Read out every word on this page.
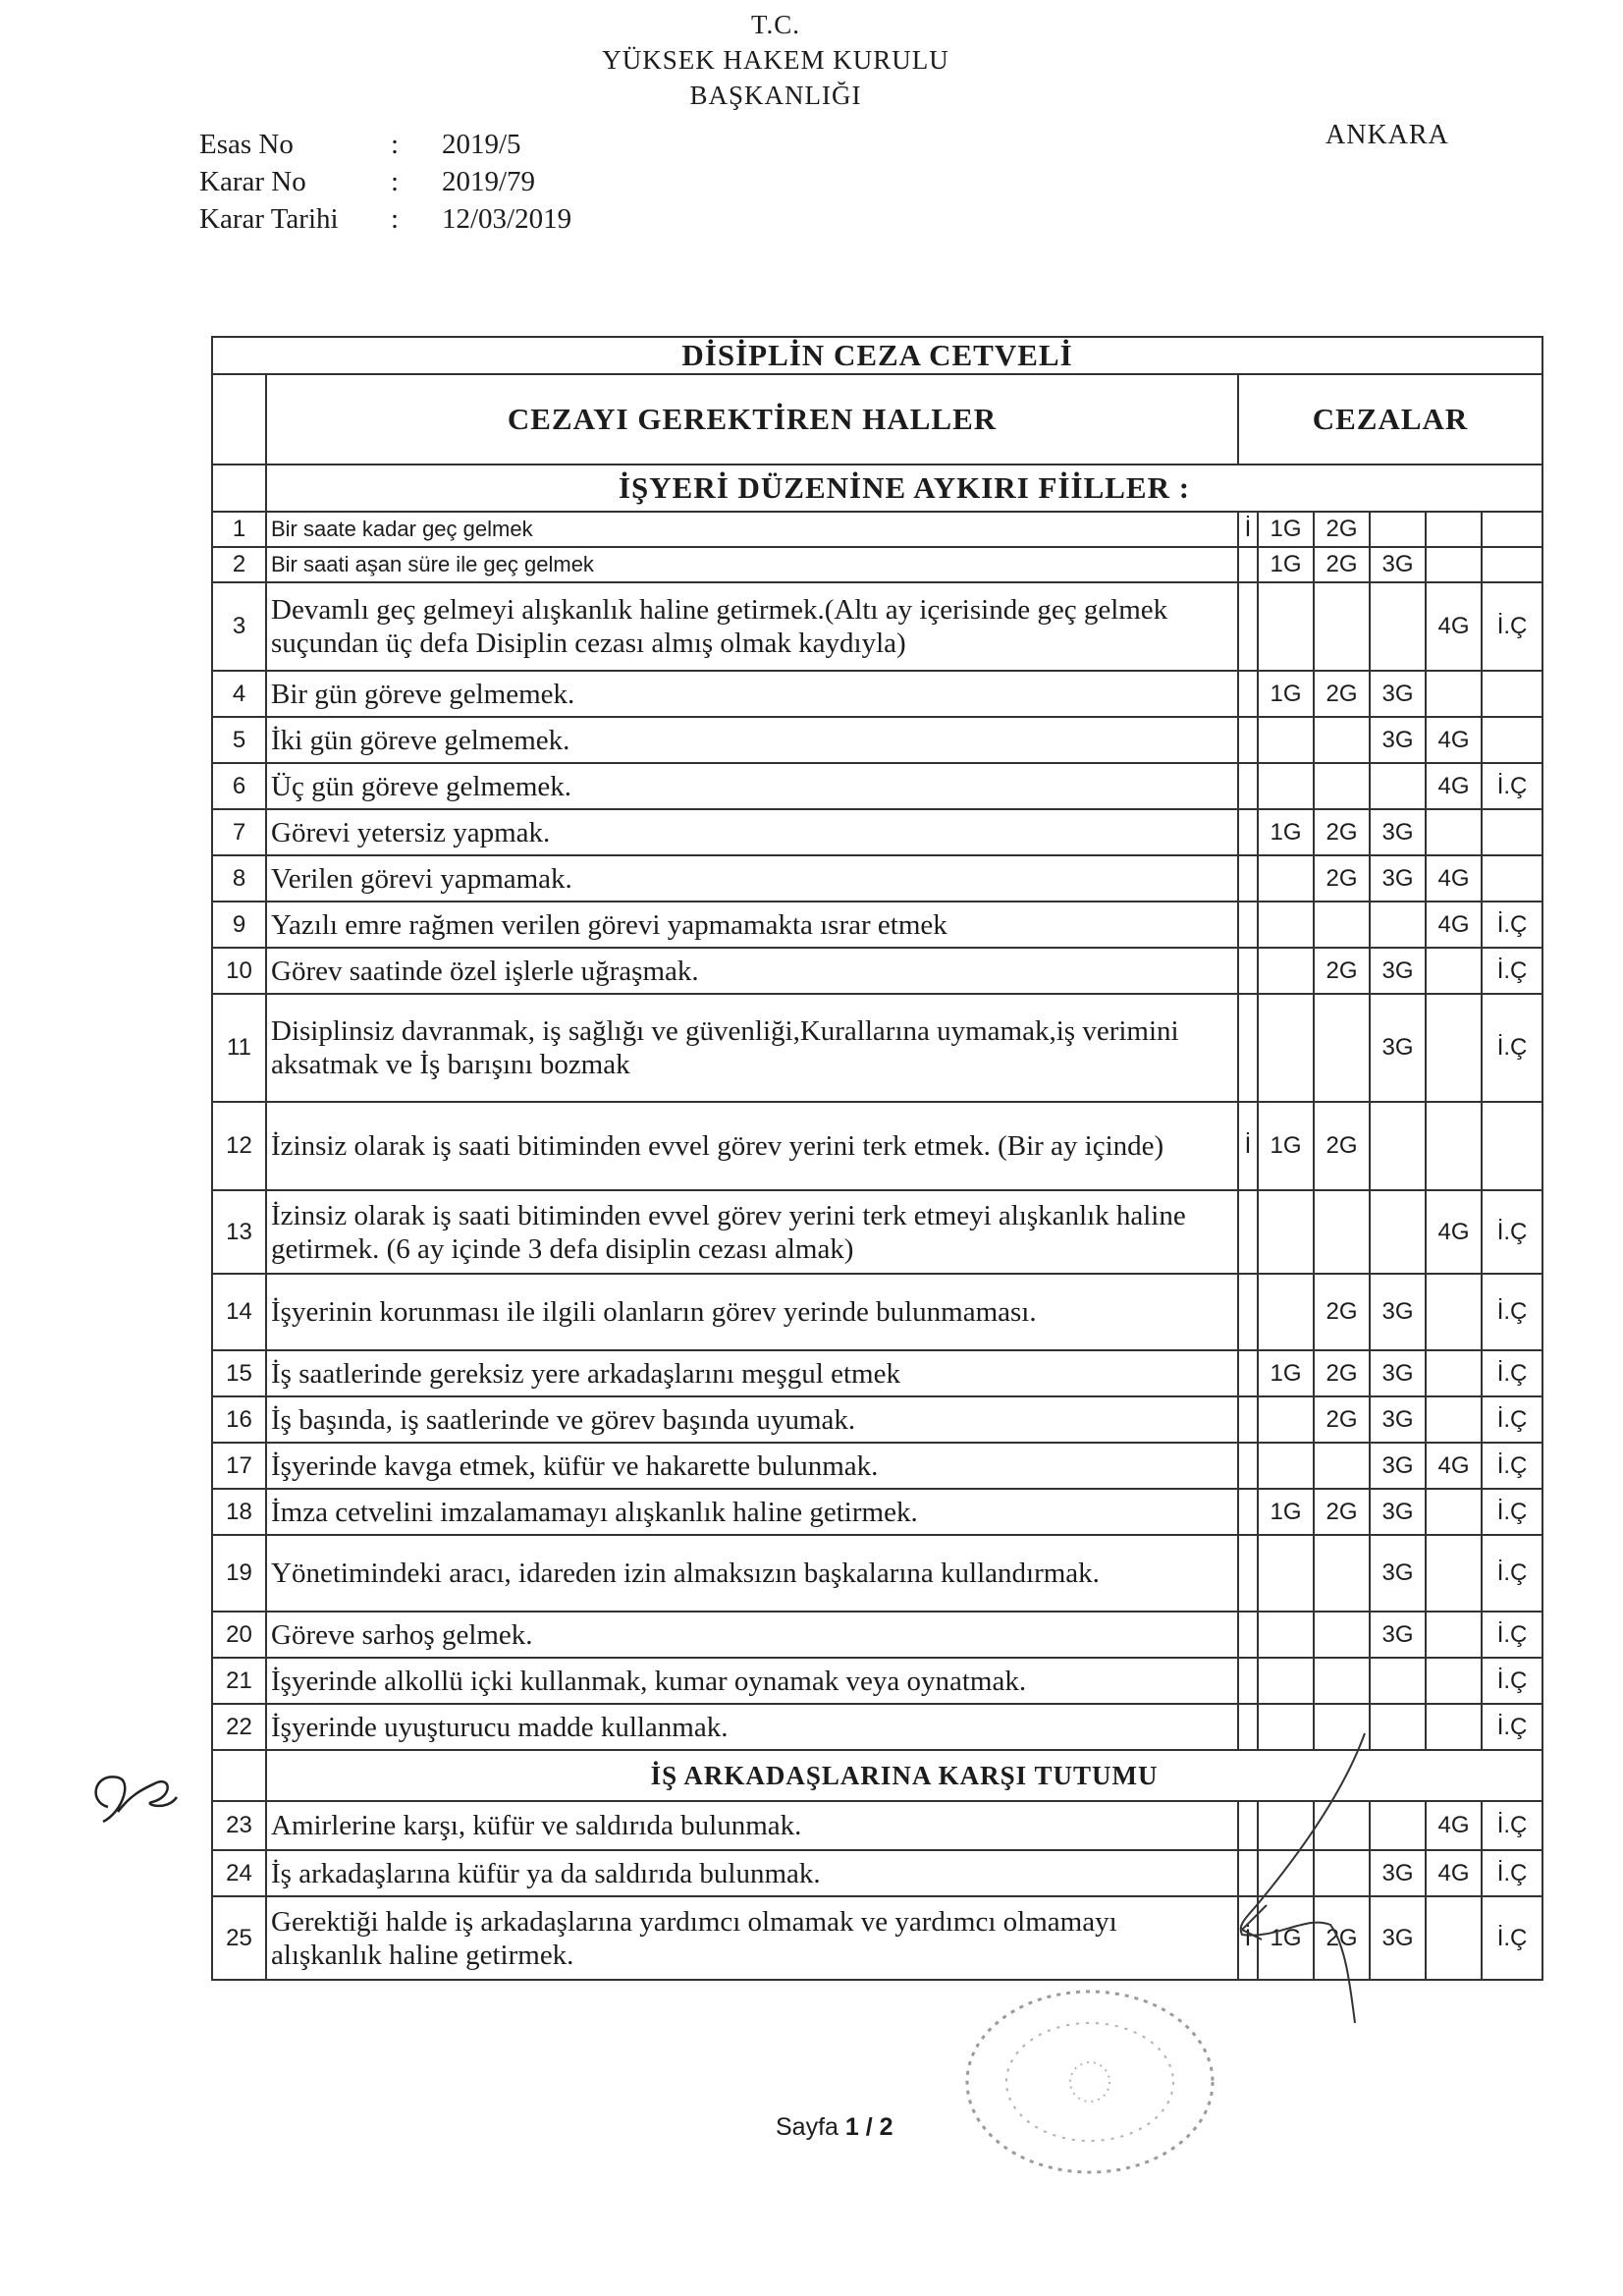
T.C.
YÜKSEK HAKEM KURULU
BAŞKANLIĞI
ANKARA
Esas No	:	2019/5
Karar No	:	2019/79
Karar Tarihi	:	12/03/2019
DİSİPLİN CEZA CETVELİ							
	CEZAYI GEREKTİREN HALLER	CEZALAR					
	İŞYERİ DÜZENİNE AYKIRI FİİLLER :						
1	Bir saate kadar geç gelmek	İ	1G	2G			
2	Bir saati aşan süre ile geç gelmek		1G	2G	3G		
3	Devamlı geç gelmeyi alışkanlık haline getirmek.(Altı ay içerisinde geç gelmek suçundan üç defa Disiplin cezası almış olmak kaydıyla)					4G	İ.Ç
4	Bir gün göreve gelmemek.		1G	2G	3G		
5	İki gün göreve gelmemek.				3G	4G	
6	Üç gün göreve gelmemek.					4G	İ.Ç
7	Görevi yetersiz yapmak.		1G	2G	3G		
8	Verilen görevi yapmamak.			2G	3G	4G	
9	Yazılı emre rağmen verilen görevi yapmamakta ısrar etmek					4G	İ.Ç
10	Görev saatinde özel işlerle uğraşmak.			2G	3G		İ.Ç
11	Disiplinsiz davranmak, iş sağlığı ve güvenliği,Kurallarına uymamak,iş verimini aksatmak ve İş barışını bozmak				3G		İ.Ç
12	İzinsiz olarak iş saati bitiminden evvel görev yerini terk etmek. (Bir ay içinde)	İ	1G	2G			
13	İzinsiz olarak iş saati bitiminden evvel görev yerini terk etmeyi alışkanlık haline getirmek. (6 ay içinde 3 defa disiplin cezası almak)					4G	İ.Ç
14	İşyerinin korunması ile ilgili olanların görev yerinde bulunmaması.			2G	3G		İ.Ç
15	İş saatlerinde gereksiz yere arkadaşlarını meşgul etmek		1G	2G	3G		İ.Ç
16	İş başında, iş saatlerinde ve görev başında uyumak.			2G	3G		İ.Ç
17	İşyerinde kavga etmek, küfür ve hakarette bulunmak.				3G	4G	İ.Ç
18	İmza cetvelini imzalamamayı alışkanlık haline getirmek.		1G	2G	3G		İ.Ç
19	Yönetimindeki aracı, idareden izin almaksızın başkalarına kullandırmak.				3G		İ.Ç
20	Göreve sarhoş gelmek.				3G		İ.Ç
21	İşyerinde alkollü içki kullanmak, kumar oynamak veya oynatmak.						İ.Ç
22	İşyerinde uyuşturucu madde kullanmak.						İ.Ç
	İŞ ARKADAŞLARINA KARŞI TUTUMU						
23	Amirlerine karşı, küfür ve saldırıda bulunmak.					4G	İ.Ç
24	İş arkadaşlarına küfür ya da saldırıda bulunmak.				3G	4G	İ.Ç
25	Gerektiği halde iş arkadaşlarına yardımcı olmamak ve yardımcı olmamayı alışkanlık haline getirmek.	İ	1G	2G	3G		İ.Ç
Sayfa 1 / 2
